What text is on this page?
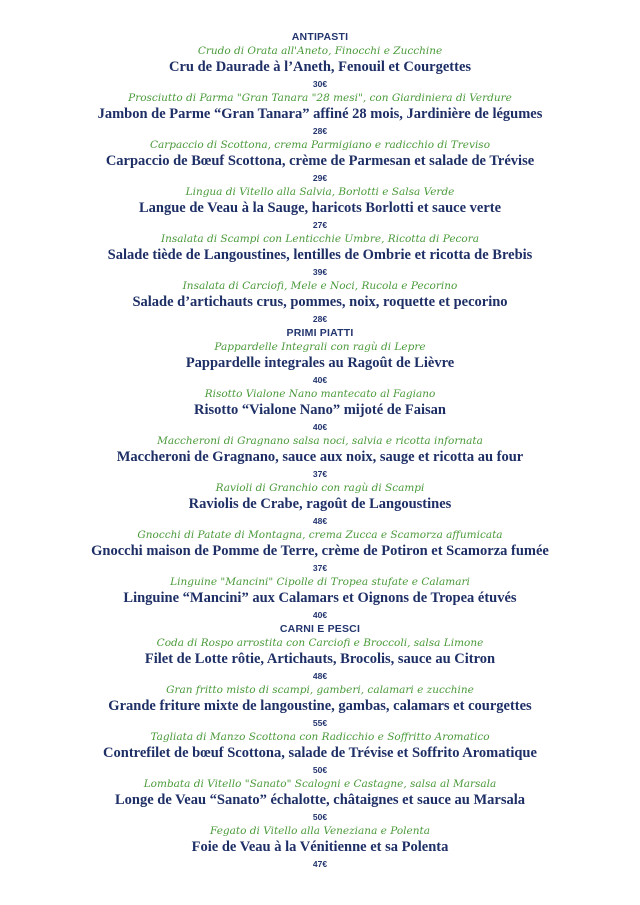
ANTIPASTI
Crudo di Orata all'Aneto, Finocchi e Zucchine
Cru de Daurade à l’Aneth, Fenouil et Courgettes
30€
Prosciutto di Parma "Gran Tanara "28 mesi", con Giardiniera di Verdure
Jambon de Parme “Gran Tanara” affiné 28 mois, Jardinière de légumes
28€
Carpaccio di Scottona, crema Parmigiano e radicchio di Treviso
Carpaccio de Bœuf Scottona, crème de Parmesan et salade de Trévise
29€
Lingua di Vitello alla Salvia, Borlotti e Salsa Verde
Langue de Veau à la Sauge, haricots Borlotti et sauce verte
27€
Insalata di Scampi con Lenticchie Umbre, Ricotta di Pecora
Salade tiède de Langoustines, lentilles de Ombrie et ricotta de Brebis
39€
Insalata di Carciofi, Mele e Noci, Rucola e Pecorino
Salade d’artichauts crus, pommes, noix, roquette et pecorino
28€
PRIMI PIATTI
Pappardelle Integrali con ragù di Lepre
Pappardelle integrales au Ragoût de Lièvre
40€
Risotto Vialone Nano mantecato al Fagiano
Risotto “Vialone Nano” mijoté de Faisan
40€
Maccheroni di Gragnano salsa noci, salvia e ricotta infornata
Maccheroni de Gragnano, sauce aux noix, sauge et ricotta au four
37€
Ravioli di Granchio con ragù di Scampi
Raviolis de Crabe, ragoût de Langoustines
48€
Gnocchi di Patate di Montagna, crema Zucca e Scamorza affumicata
Gnocchi maison de Pomme de Terre, crème de Potiron et Scamorza fumée
37€
Linguine "Mancini" Cipolle di Tropea stufate e Calamari
Linguine “Mancini” aux Calamars et Oignons de Tropea étuvés
40€
CARNI E PESCI
Coda di Rospo arrostita con Carciofi e Broccoli, salsa Limone
Filet de Lotte rôtie, Artichauts, Brocolis, sauce au Citron
48€
Gran fritto misto di scampi, gamberi, calamari e zucchine
Grande friture mixte de langoustine, gambas, calamars et courgettes
55€
Tagliata di Manzo Scottona con Radicchio e Soffritto Aromatico
Contrefilet de bœuf Scottona, salade de Trévise et Soffrito Aromatique
50€
Lombata di Vitello "Sanato" Scalogni e Castagne, salsa al Marsala
Longe de Veau “Sanato” échalotte, châtaignes et sauce au Marsala
50€
Fegato di Vitello alla Veneziana e Polenta
Foie de Veau à la Vénitienne et sa Polenta
47€
